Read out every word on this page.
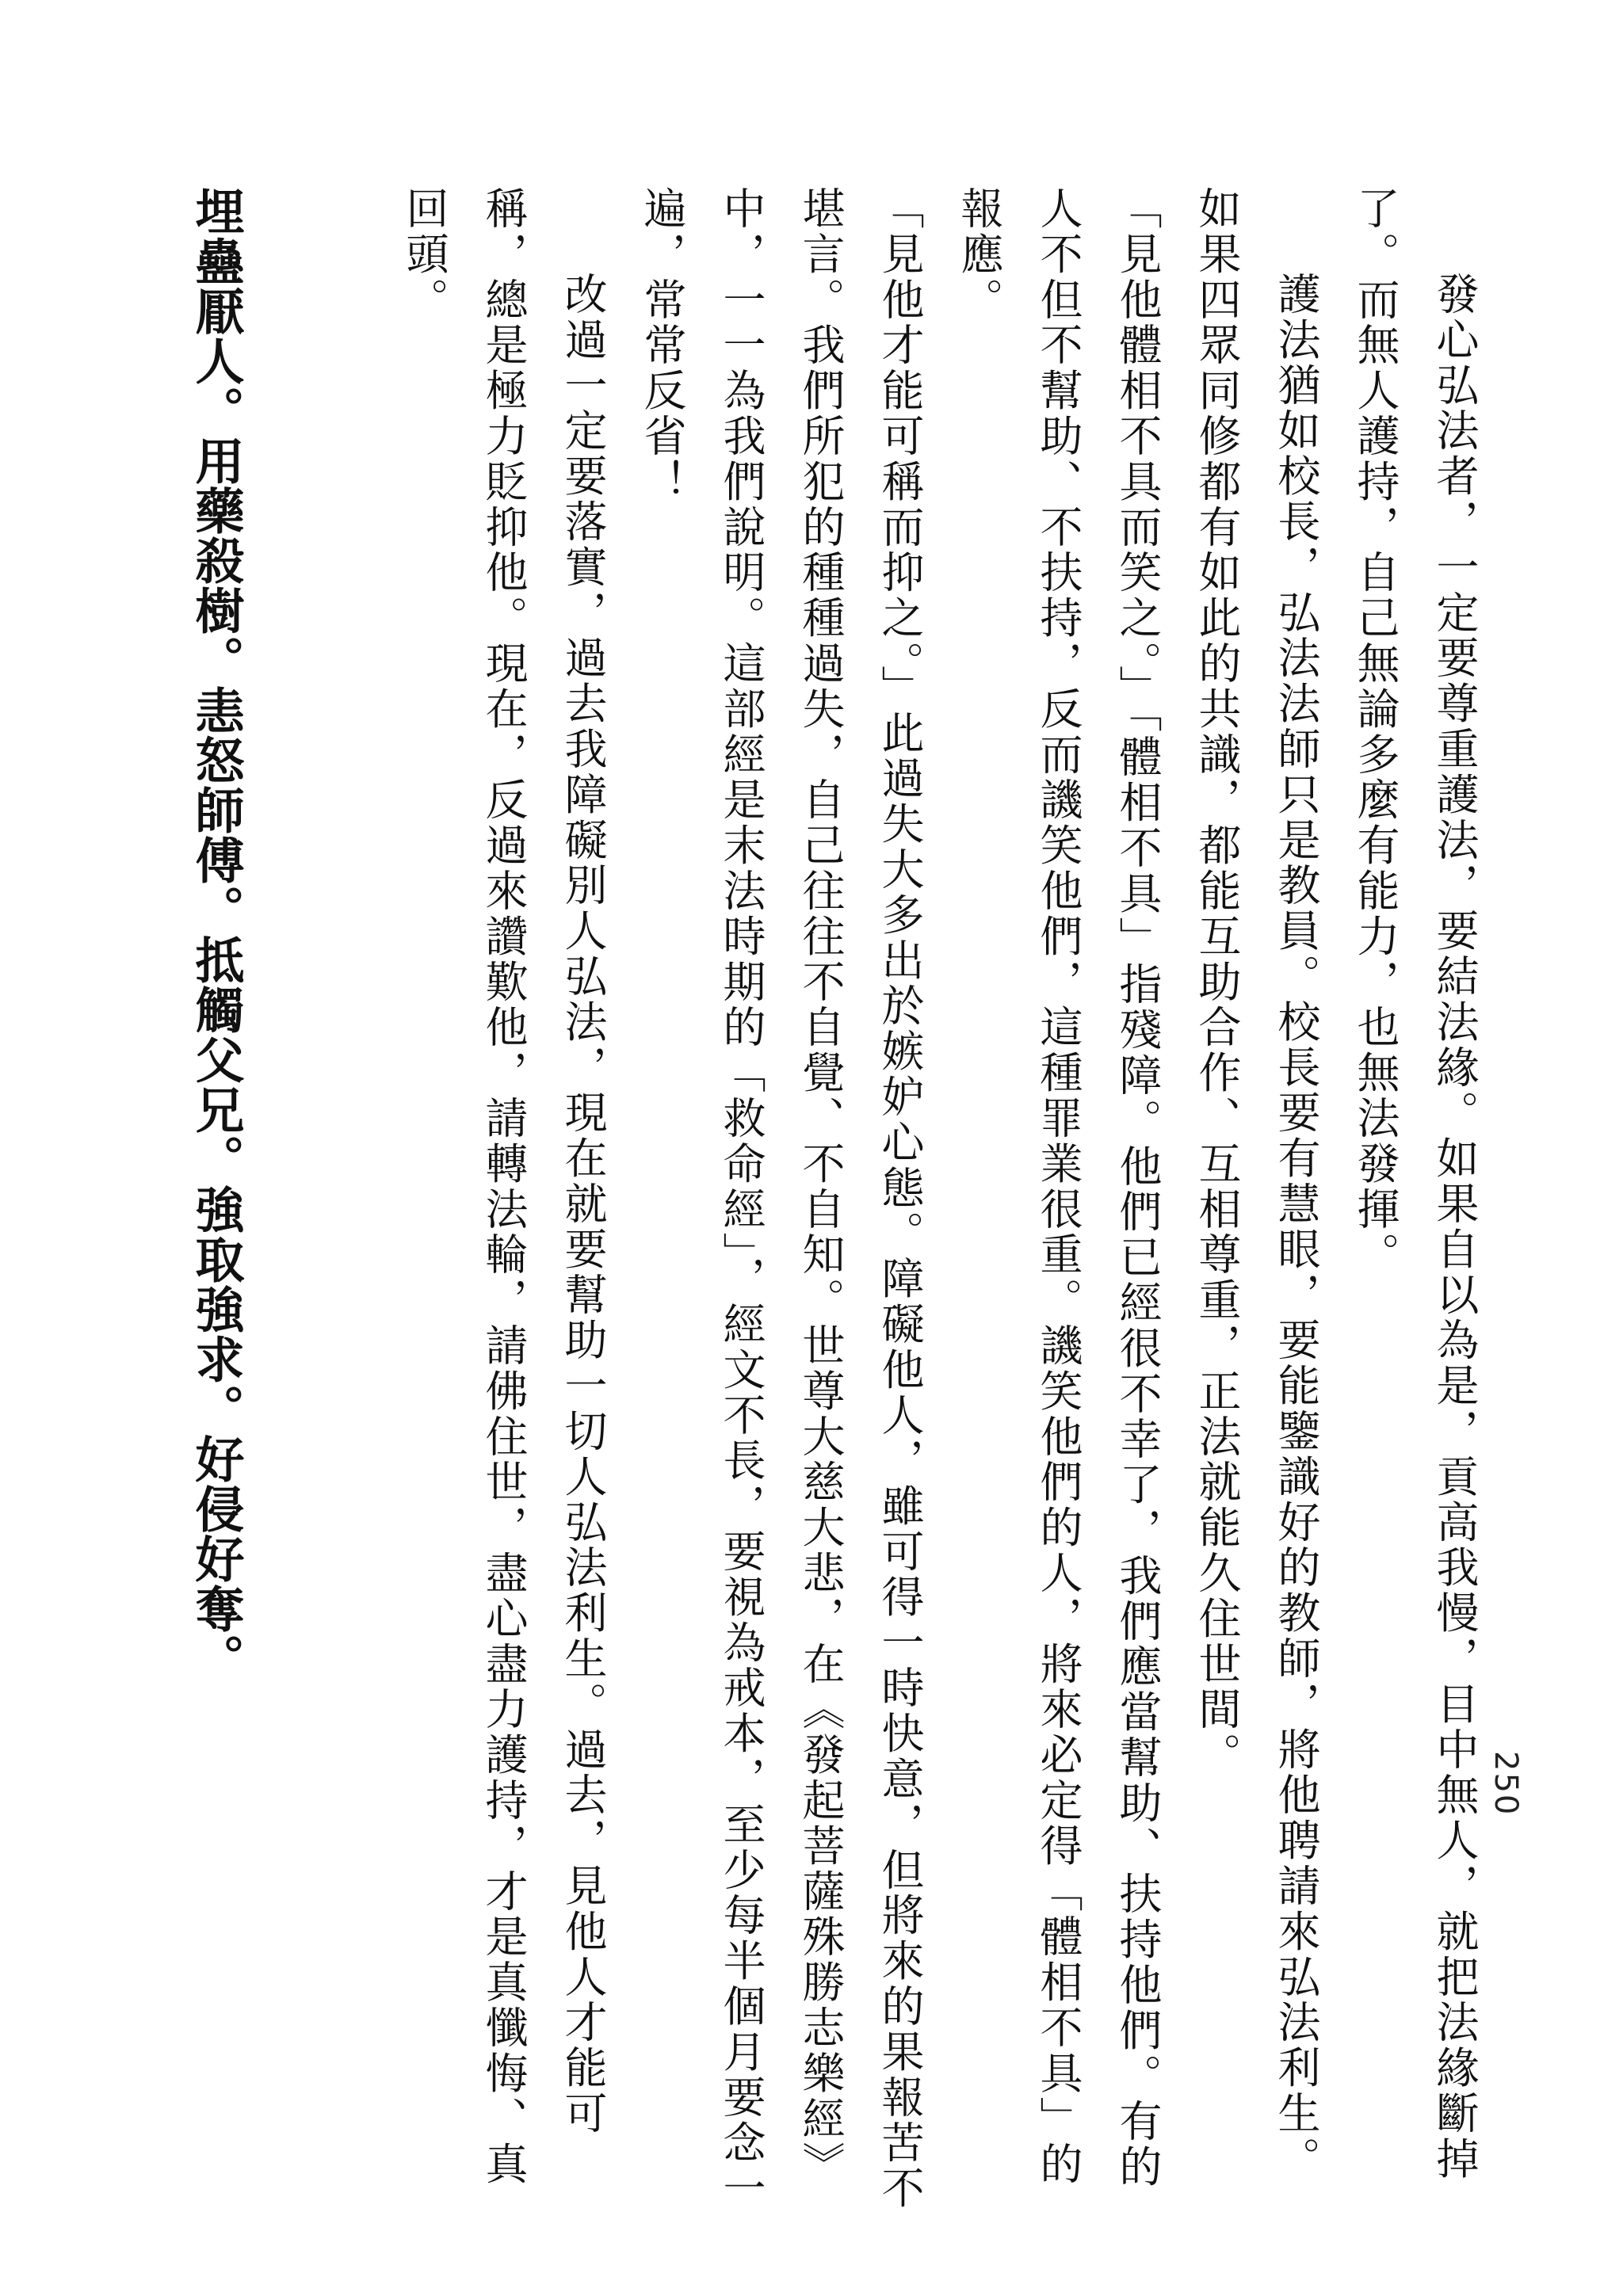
250

發心弘法者，一定要尊重護法，要結法緣。如果自以為是，貢高我慢，目中無人，就把法緣斷掉了。而無人護持，自己無論多麼有能力，也無法發揮。

護法猶如校長，弘法法師只是教員。校長要有慧眼，要能鑒識好的教師，將他聘請來弘法利生。如果四眾同修都有如此的共識，都能互助合作、互相尊重，正法就能久住世間。

「見他體相不具而笑之。」「體相不具」指殘障。他們已經很不幸了，我們應當幫助、扶持他們。有的人不但不幫助、不扶持，反而譏笑他們，這種罪業很重。譏笑他們的人，將來必定得「體相不具」的報應。

「見他才能可稱而抑之。」此過失大多出於嫉妒心態。障礙他人，雖可得一時快意，但將來的果報苦不堪言。我們所犯的種種過失，自己往往不自覺、不自知。世尊大慈大悲，在《發起菩薩殊勝志樂經》中，一一為我們說明。這部經是末法時期的「救命經」，經文不長，要視為戒本，至少每半個月要念一遍，常常反省！

改過一定要落實，過去我障礙別人弘法，現在就要幫助一切人弘法利生。過去，見他人才能可稱，總是極力貶抑他。現在，反過來讚歎他，請轉法輪，請佛住世，盡心盡力護持，才是真懺悔、真回頭。

埋蠱厭人。用藥殺樹。恚怒師傅。抵觸父兄。強取強求。好侵好奪。
